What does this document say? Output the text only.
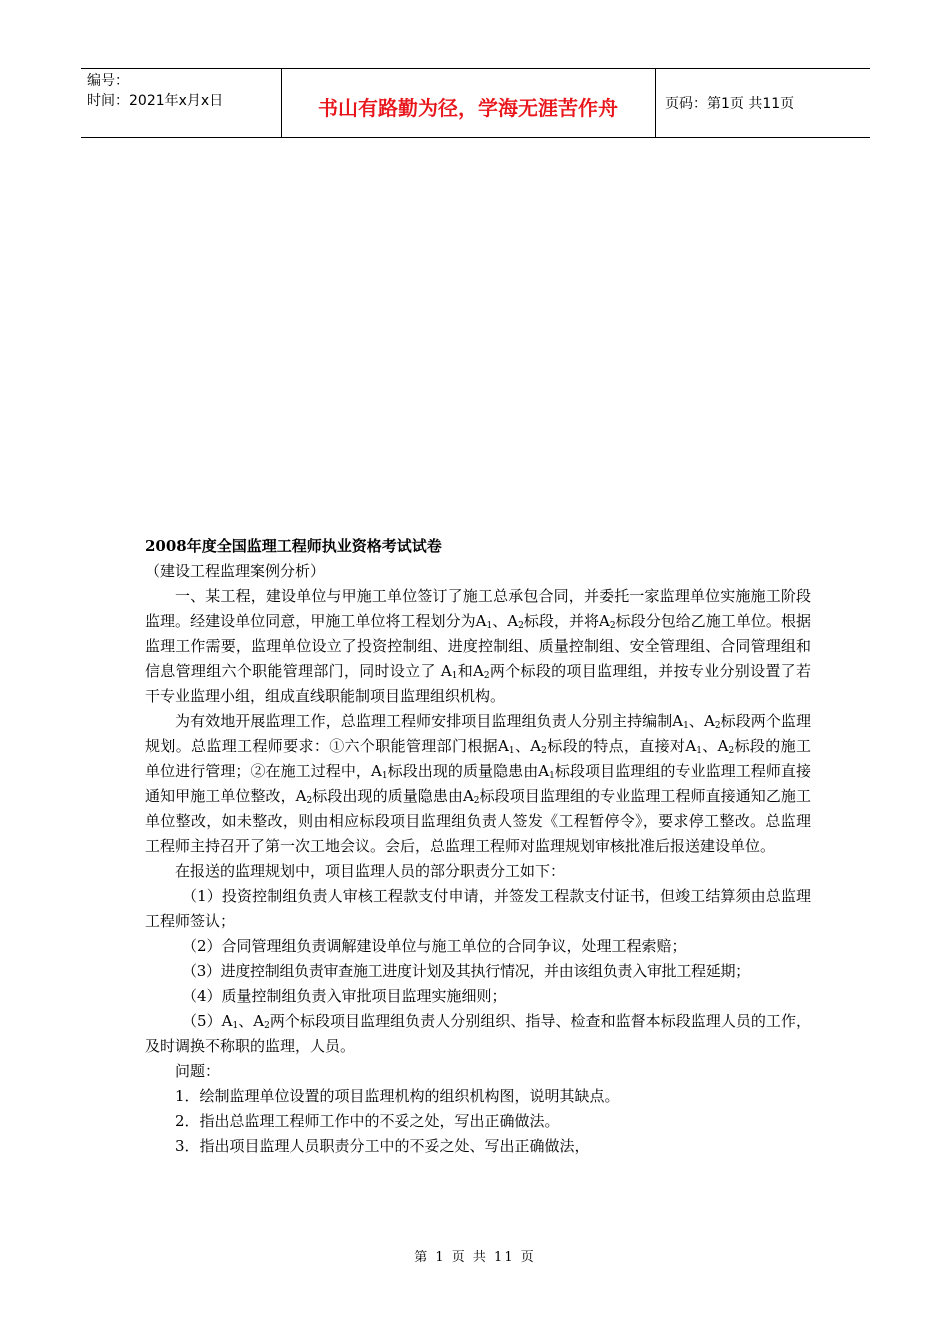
编号：
时间：2021年x月x日	书山有路勤为径，学海无涯苦作舟	页码：第1页 共11页

2008年度全国监理工程师执业资格考试试卷

（建设工程监理案例分析）

一、某工程，建设单位与甲施工单位签订了施工总承包合同，并委托一家监理单位实施施工阶段监理。经建设单位同意，甲施工单位将工程划分为$A_1$、$A_2$标段，并将$A_2$标段分包给乙施工单位。根据监理工作需要，监理单位设立了投资控制组、进度控制组、质量控制组、安全管理组、合同管理组和信息管理组六个职能管理部门，同时设立了 $A_1$和$A_2$两个标段的项目监理组，并按专业分别设置了若干专业监理小组，组成直线职能制项目监理组织机构。

为有效地开展监理工作，总监理工程师安排项目监理组负责人分别主持编制$A_1$、$A_2$标段两个监理规划。总监理工程师要求：①六个职能管理部门根据$A_1$、$A_2$标段的特点，直接对$A_1$、$A_2$标段的施工单位进行管理；②在施工过程中，$A_1$标段出现的质量隐患由$A_1$标段项目监理组的专业监理工程师直接通知甲施工单位整改，$A_2$标段出现的质量隐患由$A_2$标段项目监理组的专业监理工程师直接通知乙施工单位整改，如未整改，则由相应标段项目监理组负责人签发《工程暂停令》，要求停工整改。总监理工程师主持召开了第一次工地会议。会后，总监理工程师对监理规划审核批准后报送建设单位。

在报送的监理规划中，项目监理人员的部分职责分工如下：

（1）投资控制组负责人审核工程款支付申请，并签发工程款支付证书，但竣工结算须由总监理工程师签认；

（2）合同管理组负责调解建设单位与施工单位的合同争议，处理工程索赔；

（3）进度控制组负责审查施工进度计划及其执行情况，并由该组负责入审批工程延期；

（4）质量控制组负责入审批项目监理实施细则；

$(5)A_1$、$A_2$两个标段项目监理组负责人分别组织、指导、检查和监督本标段监理人员的工作，及时调换不称职的监理，人员。

问题：

1．绘制监理单位设置的项目监理机构的组织机构图，说明其缺点。

2．指出总监理工程师工作中的不妥之处，写出正确做法。

3．指出项目监理人员职责分工中的不妥之处、写出正确做法，

第 1 页 共 11 页
